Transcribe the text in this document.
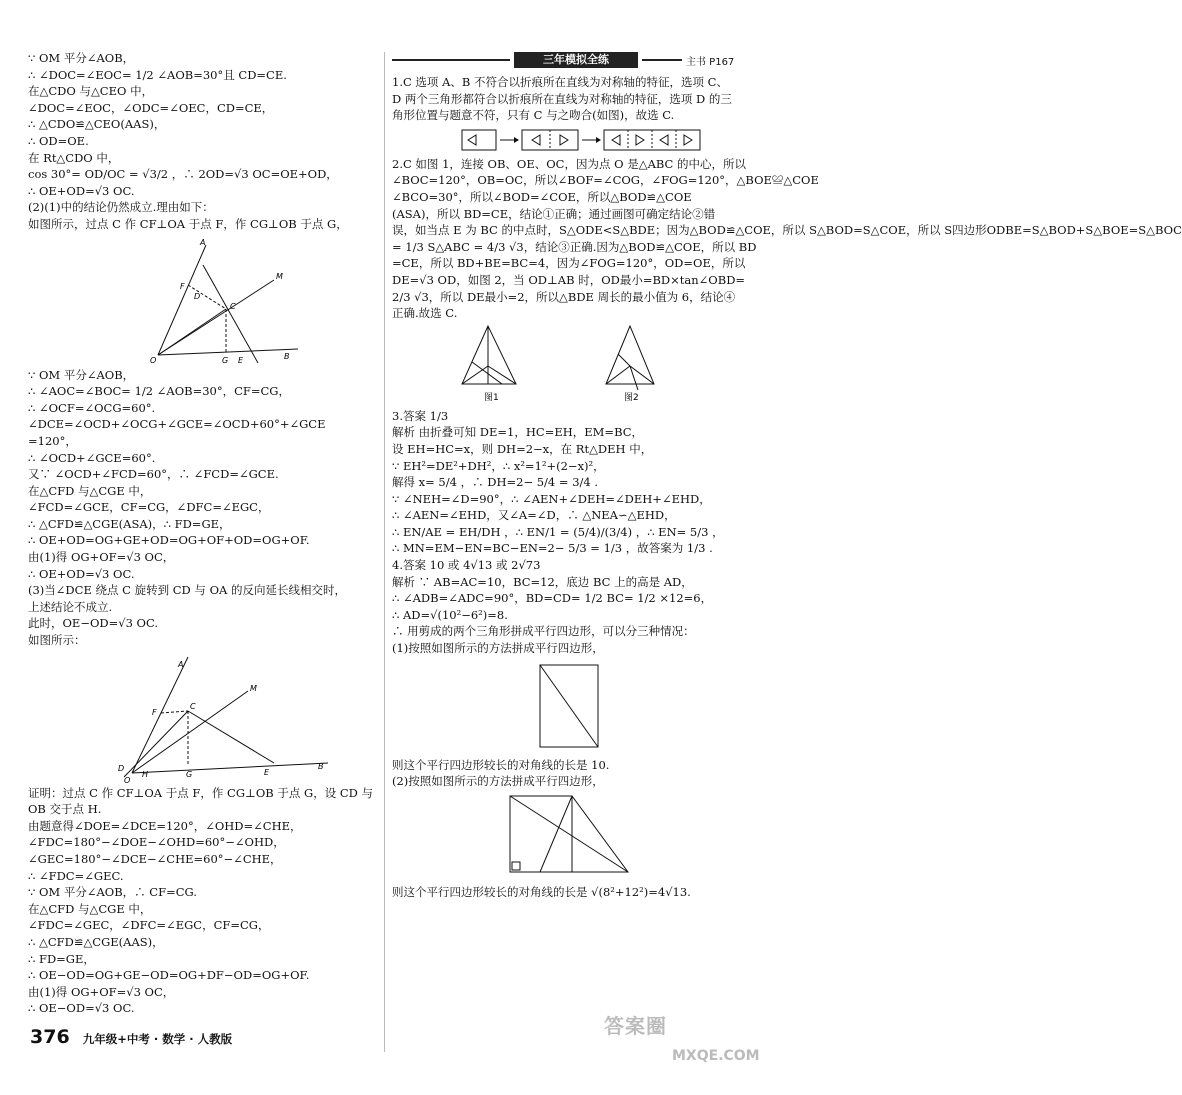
三年模拟全练	主书 P167
∵ OM 平分∠AOB，
∴ ∠DOC=∠EOC= 1/2 ∠AOB=30°且 CD=CE.
在△CDO 与△CEO 中，
∠DOC=∠EOC，∠ODC=∠OEC，CD=CE，
∴ △CDO≌△CEO(AAS)，
∴ OD=OE.
在 Rt△CDO 中，
cos 30°= OD/OC = √3/2 ，∴ 2OD=√3 OC=OE+OD，
∴ OE+OD=√3 OC.
(2)(1)中的结论仍然成立.理由如下：
如图所示，过点 C 作 CF⊥OA 于点 F，作 CG⊥OB 于点 G，
A
M
F
D
C
O	G E	B
∵ OM 平分∠AOB，
∴ ∠AOC=∠BOC= 1/2 ∠AOB=30°，CF=CG，
∴ ∠OCF=∠OCG=60°.
∠DCE=∠OCD+∠OCG+∠GCE=∠OCD+60°+∠GCE
=120°，
∴ ∠OCD+∠GCE=60°.
又∵ ∠OCD+∠FCD=60°，∴ ∠FCD=∠GCE.
在△CFD 与△CGE 中，
∠FCD=∠GCE，CF=CG，∠DFC=∠EGC，
∴ △CFD≌△CGE(ASA)，∴ FD=GE，
∴ OE+OD=OG+GE+OD=OG+OF+OD=OG+OF.
由(1)得 OG+OF=√3 OC，
∴ OE+OD=√3 OC.
(3)当∠DCE 绕点 C 旋转到 CD 与 OA 的反向延长线相交时，
上述结论不成立.
此时，OE−OD=√3 OC.
如图所示：
A
M
F
C
D
O
H	G	E
B
证明：过点 C 作 CF⊥OA 于点 F，作 CG⊥OB 于点 G，设 CD 与
OB 交于点 H.
由题意得∠DOE=∠DCE=120°，∠OHD=∠CHE，
∠FDC=180°−∠DOE−∠OHD=60°−∠OHD，
∠GEC=180°−∠DCE−∠CHE=60°−∠CHE，
∴ ∠FDC=∠GEC.
∵ OM 平分∠AOB，∴ CF=CG.
在△CFD 与△CGE 中，
∠FDC=∠GEC，∠DFC=∠EGC，CF=CG，
∴ △CFD≌△CGE(AAS)，
∴ FD=GE，
∴ OE−OD=OG+GE−OD=OG+DF−OD=OG+OF.
由(1)得 OG+OF=√3 OC，
∴ OE−OD=√3 OC.
1.C 选项 A、B 不符合以折痕所在直线为对称轴的特征，选项 C、D 两个三角形都符合以折痕所在直线为对称轴的特征，选项 D 的三角形位置与题意不符，只有 C 与之吻合(如图)，故选 C.
2.C 如图 1，连接 OB、OE、OC，因为点 O 是△ABC 的中心，所以
∠BOC=120°，OB=OC，所以∠BOF=∠COG，∠FOG=120°，△BOE≌△COE
∠BCO=30°，所以∠BOD=∠COE，所以△BOD≌△COE
(ASA)，所以 BD=CE，结论①正确；通过画图可确定结论②错
误，如当点 E 为 BC 的中点时，S△ODE<S△BDE；因为△BOD≌△COE，所以 S△BOD=S△COE，所以 S四边形ODBE=S△BOD+S△BOE=S△BOC
= 1/3 S△ABC = 4/3 √3，结论③正确.因为△BOD≌△COE，所以 BD
=CE，所以 BD+BE=BC=4，因为∠FOG=120°，OD=OE，所以
DE=√3 OD，如图 2，当 OD⊥AB 时，OD最小=BD×tan∠OBD=
2/3 √3，所以 DE最小=2，所以△BDE 周长的最小值为 6，结论④
正确.故选 C.
图1	图2
3.答案 1/3
解析 由折叠可知 DE=1，HC=EH，EM=BC，
设 EH=HC=x，则 DH=2−x，在 Rt△DEH 中，
∵ EH²=DE²+DH²，∴ x²=1²+(2−x)²，
解得 x= 5/4 ，∴ DH=2− 5/4 = 3/4 .
∵ ∠NEH=∠D=90°，∴ ∠AEN+∠DEH=∠DEH+∠EHD，
∴ ∠AEN=∠EHD，又∠A=∠D，∴ △NEA∽△EHD，
∴ EN/AE = EH/DH ，∴ EN/1 = (5/4)/(3/4) ，∴ EN= 5/3 ，
∴ MN=EM−EN=BC−EN=2− 5/3 = 1/3 ，故答案为 1/3 .
4.答案 10 或 4√13 或 2√73
解析 ∵ AB=AC=10，BC=12，底边 BC 上的高是 AD，
∴ ∠ADB=∠ADC=90°，BD=CD= 1/2 BC= 1/2 ×12=6，
∴ AD=√(10²−6²)=8.
∴ 用剪成的两个三角形拼成平行四边形，可以分三种情况：
(1)按照如图所示的方法拼成平行四边形，
则这个平行四边形较长的对角线的长是 10.
(2)按照如图所示的方法拼成平行四边形，
则这个平行四边形较长的对角线的长是 √(8²+12²)=4√13.
376 九年级+中考 · 数学 · 人教版
答案圈
MXQE.COM
